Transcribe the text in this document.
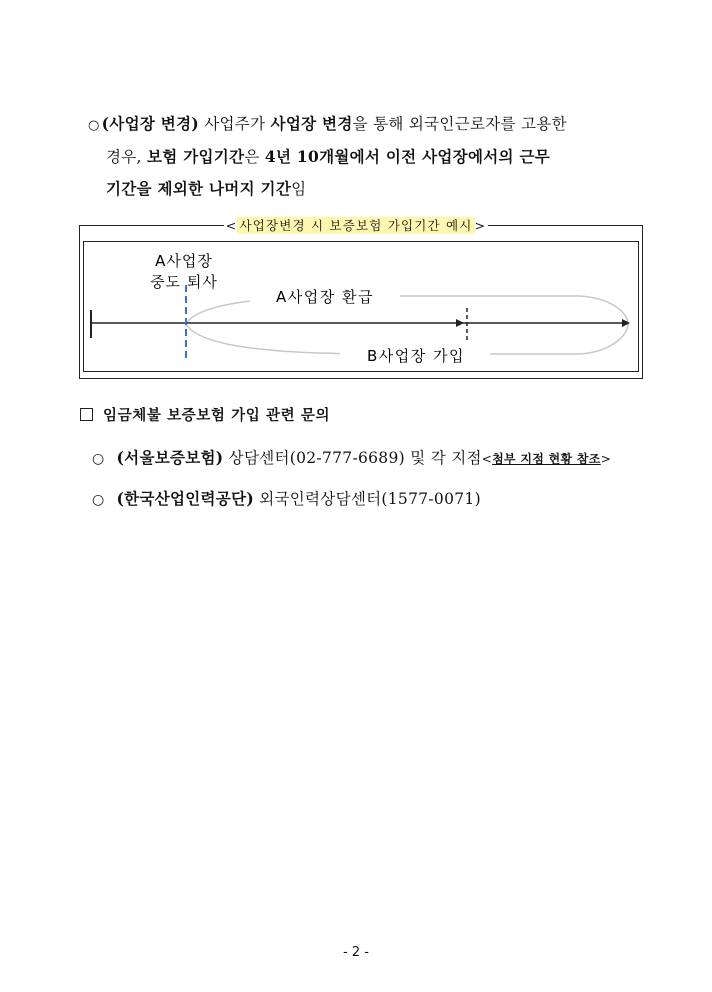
○ (사업장 변경) 사업주가 사업장 변경을 통해 외국인근로자를 고용한
경우, 보험 가입기간은 4년 10개월에서 이전 사업장에서의 근무
기간을 제외한 나머지 기간임
< 사업장변경 시 보증보험 가입기간 예시 >
A사업장
중도 퇴사
A사업장 환급
B사업장 가입
임금체불 보증보험 가입 관련 문의
○ (서울보증보험) 상담센터(02-777-6689) 및 각 지점<첨부 지점 현황 참조>
○ (한국산업인력공단) 외국인력상담센터(1577-0071)
- 2 -
